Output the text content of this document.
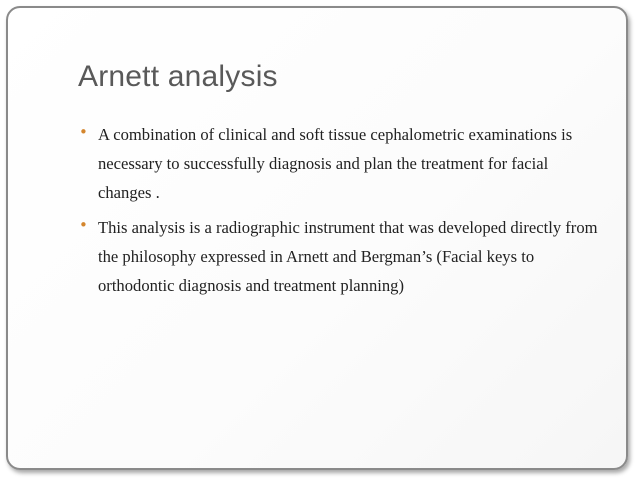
Arnett analysis
• A combination of clinical and soft tissue cephalometric examinations is necessary to successfully diagnosis and plan the treatment for facial changes .
• This analysis is a radiographic instrument that was developed directly from the philosophy expressed in Arnett and Bergman’s (Facial keys to orthodontic diagnosis and treatment planning)
